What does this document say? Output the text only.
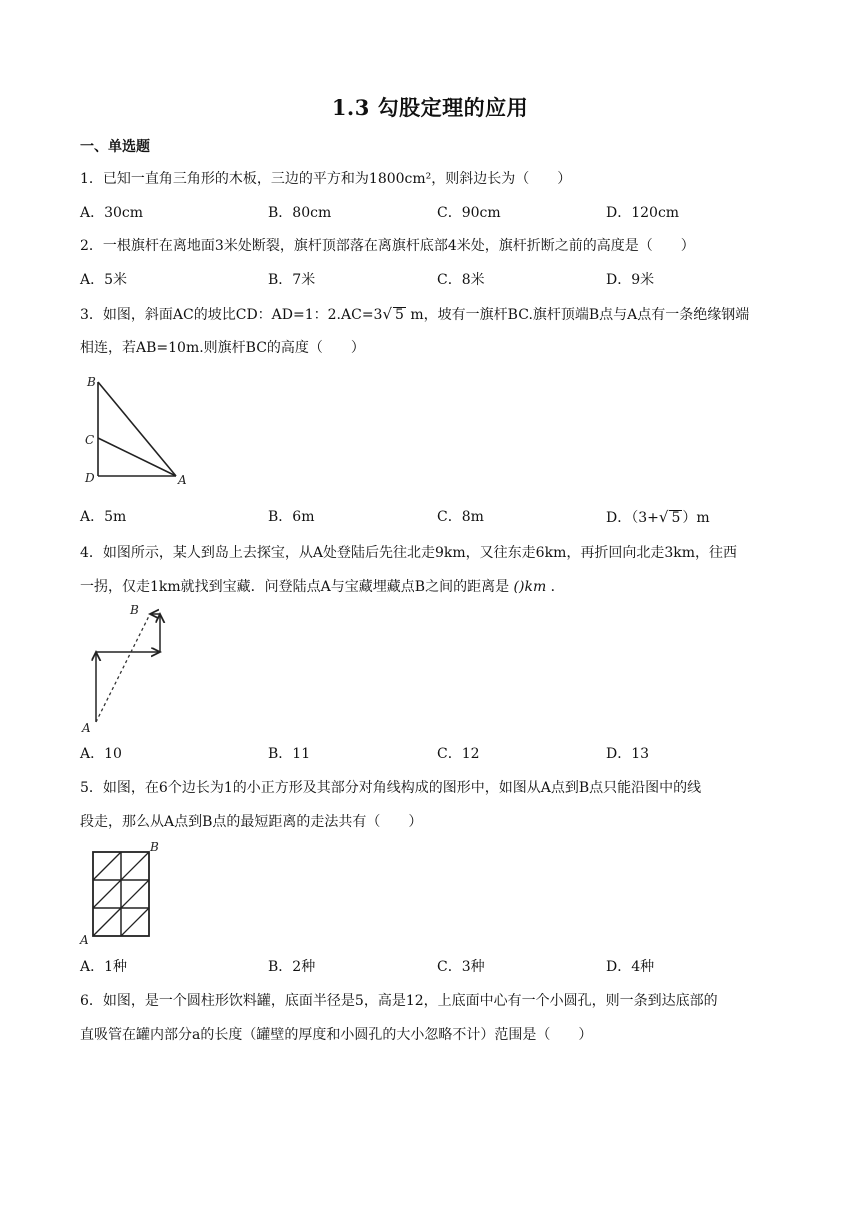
1.3 勾股定理的应用
一、单选题
1．已知一直角三角形的木板，三边的平方和为1800cm²，则斜边长为（　　）
A．30cm	B．80cm	C．90cm	D．120cm
2．一根旗杆在离地面3米处断裂，旗杆顶部落在离旗杆底部4米处，旗杆折断之前的高度是（　　）
A．5米	B．7米	C．8米	D．9米
3．如图，斜面AC的坡比CD：AD=1：2.AC=3√ 5 m，坡有一旗杆BC.旗杆顶端B点与A点有一条绝缘钢端
相连，若AB=10m.则旗杆BC的高度（　　）
B
C
D	A
A．5m	B．6m	C．8m	D．（3+√ 5 ）m
4．如图所示，某人到岛上去探宝，从A处登陆后先往北走9km，又往东走6km，再折回向北走3km，往西
一拐，仅走1km就找到宝藏．问登陆点A与宝藏埋藏点B之间的距离是 ()km ．
B
A
A．10	B．11	C．12	D．13
5．如图，在6个边长为1的小正方形及其部分对角线构成的图形中，如图从A点到B点只能沿图中的线
段走，那么从A点到B点的最短距离的走法共有（　　）
B
A
A．1种	B．2种	C．3种	D．4种
6．如图，是一个圆柱形饮料罐，底面半径是5，高是12，上底面中心有一个小圆孔，则一条到达底部的
直吸管在罐内部分a的长度（罐壁的厚度和小圆孔的大小忽略不计）范围是（　　）
